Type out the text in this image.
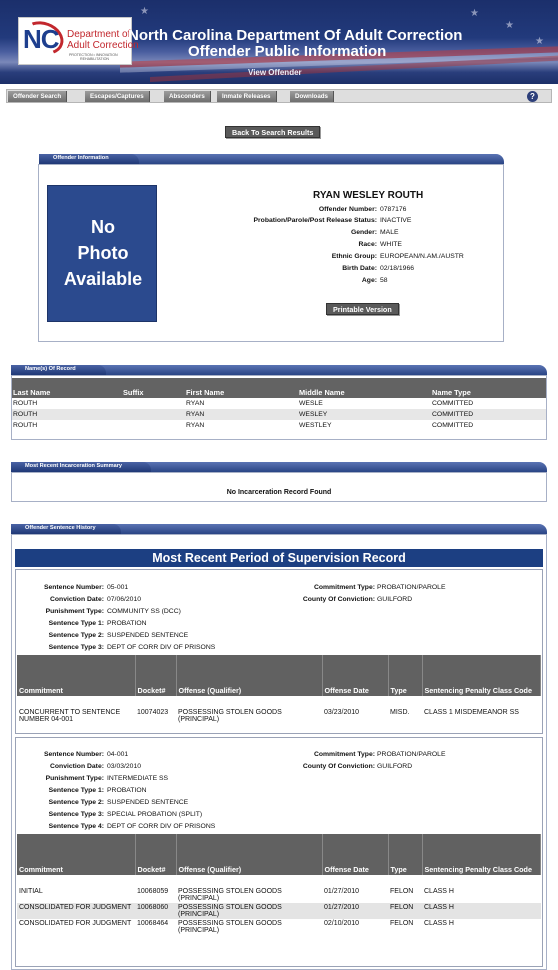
★
★
★
★
NC Department of
Adult Correction
PROTECTION • INNOVATION
REHABILITATION
North Carolina Department Of Adult Correction
Offender Public Information
View Offender
Offender Search	Escapes/Captures	Absconders	Inmate Releases	Downloads	?
Back To Search Results
Offender Information
No
Photo
Available
RYAN WESLEY ROUTH
Offender Number: 0787176
Probation/Parole/Post Release Status: INACTIVE
Gender: MALE
Race: WHITE
Ethnic Group: EUROPEAN/N.AM./AUSTR
Birth Date: 02/18/1966
Age: 58
Printable Version
Name(s) Of Record
Last Name	Suffix	First Name	Middle Name	Name Type
ROUTH		RYAN	WESLE	COMMITTED
ROUTH		RYAN	WESLEY	COMMITTED
ROUTH		RYAN	WESTLEY	COMMITTED
Most Recent Incarceration Summary
No Incarceration Record Found
Offender Sentence History
Most Recent Period of Supervision Record
Sentence Number: 05-001
Conviction Date: 07/06/2010
Punishment Type: COMMUNITY SS (DCC)
Sentence Type 1: PROBATION
Sentence Type 2: SUSPENDED SENTENCE
Sentence Type 3: DEPT OF CORR DIV OF PRISONS
Commitment Type: PROBATION/PAROLE
County Of Conviction: GUILFORD
Commitment	Docket#	Offense (Qualifier)	Offense Date	Type	Sentencing Penalty Class Code

CONCURRENT TO SENTENCE NUMBER 04-001	10074023	POSSESSING STOLEN GOODS (PRINCIPAL)	03/23/2010	MISD.	CLASS 1 MISDEMEANOR SS
Sentence Number: 04-001
Conviction Date: 03/03/2010
Punishment Type: INTERMEDIATE SS
Sentence Type 1: PROBATION
Sentence Type 2: SUSPENDED SENTENCE
Sentence Type 3: SPECIAL PROBATION (SPLIT)
Sentence Type 4: DEPT OF CORR DIV OF PRISONS
Commitment Type: PROBATION/PAROLE
County Of Conviction: GUILFORD
Commitment	Docket#	Offense (Qualifier)	Offense Date	Type	Sentencing Penalty Class Code

INITIAL	10068059	POSSESSING STOLEN GOODS (PRINCIPAL)	01/27/2010	FELON	CLASS H
CONSOLIDATED FOR JUDGMENT	10068060	POSSESSING STOLEN GOODS (PRINCIPAL)	01/27/2010	FELON	CLASS H
CONSOLIDATED FOR JUDGMENT	10068464	POSSESSING STOLEN GOODS (PRINCIPAL)	02/10/2010	FELON	CLASS H
